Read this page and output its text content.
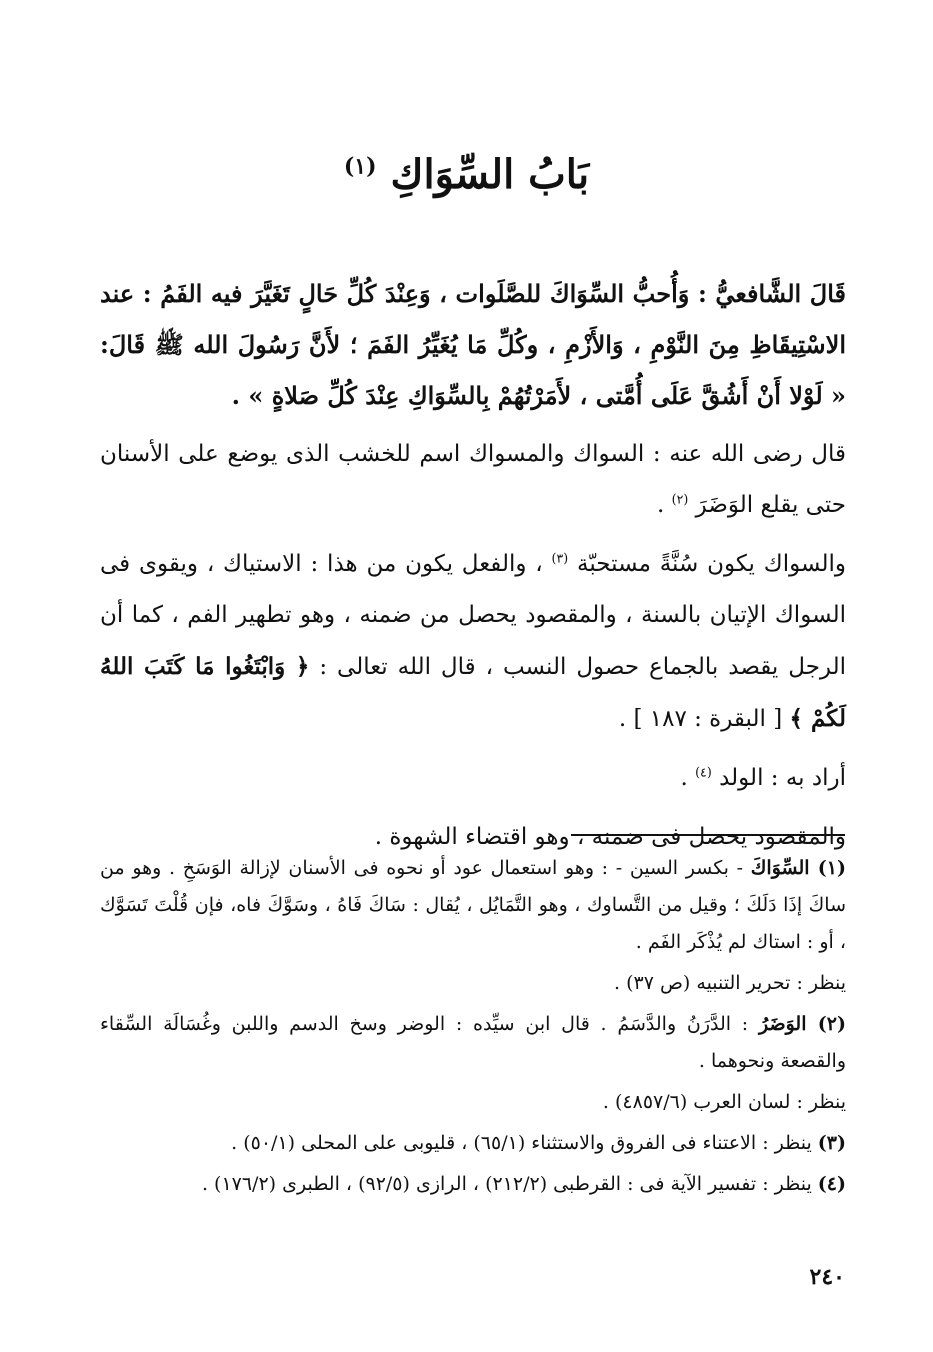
بَابُ السِّوَاكِ $^{(١)}$

قَالَ الشَّافعيُّ : وَأُحبُّ السِّوَاكَ للصَّلَوات ، وَعِنْدَ كُلِّ حَالٍ تَغَيَّرَ فيه الفَمُ : عند الاسْتِيقَاظِ مِنَ النَّوْمِ ، وَالأَزْمِ ، وكُلِّ مَا يُغَيِّرُ الفَمَ ؛ لأَنَّ رَسُولَ الله ﷺ قَالَ: « لَوْلا أَنْ أَشُقَّ عَلَى أُمَّتى ، لأَمَرْتُهُمْ بِالسِّوَاكِ عِنْدَ كُلِّ صَلاةٍ » .

قال رضى الله عنه : السواك والمسواك اسم للخشب الذى يوضع على الأسنان حتى يقلع الوَضَرَ $^{(٢)}$ .

والسواك يكون سُنَّةً مستحبّة $^{(٣)}$ ، والفعل يكون من هذا : الاستياك ، ويقوى فى السواك الإتيان بالسنة ، والمقصود يحصل من ضمنه ، وهو تطهير الفم ، كما أن الرجل يقصد بالجماع حصول النسب ، قال الله تعالى : ﴿ وَابْتَغُوا مَا كَتَبَ اللهُ لَكُمْ ﴾ [ البقرة : ١٨٧ ] .

أراد به : الولد $^{(٤)}$ .

والمقصود يحصل فى ضمنه ، وهو اقتضاء الشهوة .

(١) السِّوَاكَ - بكسر السين - : وهو استعمال عود أو نحوه فى الأسنان لإزالة الوَسَخِ . وهو من ساكَ إذَا دَلَكَ ؛ وقيل من التَّساوك ، وهو التَّمَايُل ، يُقال : سَاكَ فَاهُ ، وسَوَّكَ فاه، فإن قُلْتَ تَسَوَّك ، أو : استاك لم يُذْكَر الفَم .

ينظر : تحرير التنبيه (ص ٣٧) .

(٢) الوَضَرُ : الدَّرَنُ والدَّسَمُ . قال ابن سيِّده : الوضر وسخ الدسم واللبن وغُسَالَة السِّقاء والقصعة ونحوهما .

ينظر : لسان العرب (٤٨٥٧/٦) .

(٣) ينظر : الاعتناء فى الفروق والاستثناء (٦٥/١) ، قليوبى على المحلى (٥٠/١) .

(٤) ينظر : تفسير الآية فى : القرطبى (٢١٢/٢) ، الرازى (٩٢/٥) ، الطبرى (١٧٦/٢) .

٢٤٠
